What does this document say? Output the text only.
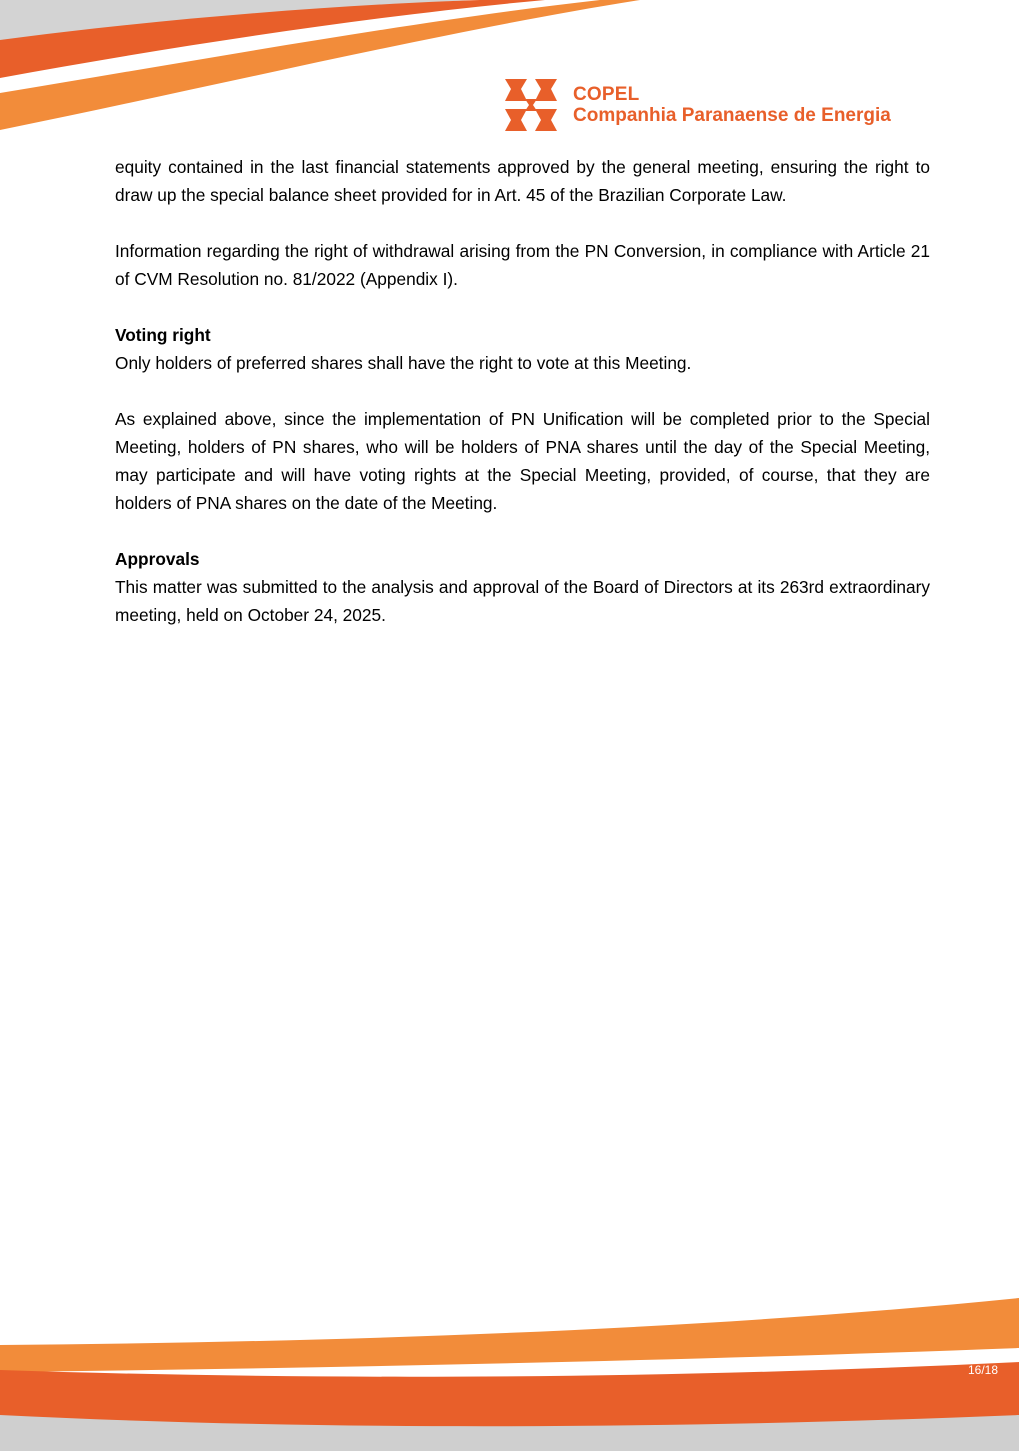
COPEL
Companhia Paranaense de Energia

equity contained in the last financial statements approved by the general meeting, ensuring the right to draw up the special balance sheet provided for in Art. 45 of the Brazilian Corporate Law.

Information regarding the right of withdrawal arising from the PN Conversion, in compliance with Article 21 of CVM Resolution no. 81/2022 (Appendix I).

Voting right

Only holders of preferred shares shall have the right to vote at this Meeting.

As explained above, since the implementation of PN Unification will be completed prior to the Special Meeting, holders of PN shares, who will be holders of PNA shares until the day of the Special Meeting, may participate and will have voting rights at the Special Meeting, provided, of course, that they are holders of PNA shares on the date of the Meeting.

Approvals

This matter was submitted to the analysis and approval of the Board of Directors at its 263rd extraordinary meeting, held on October 24, 2025.

16/18
